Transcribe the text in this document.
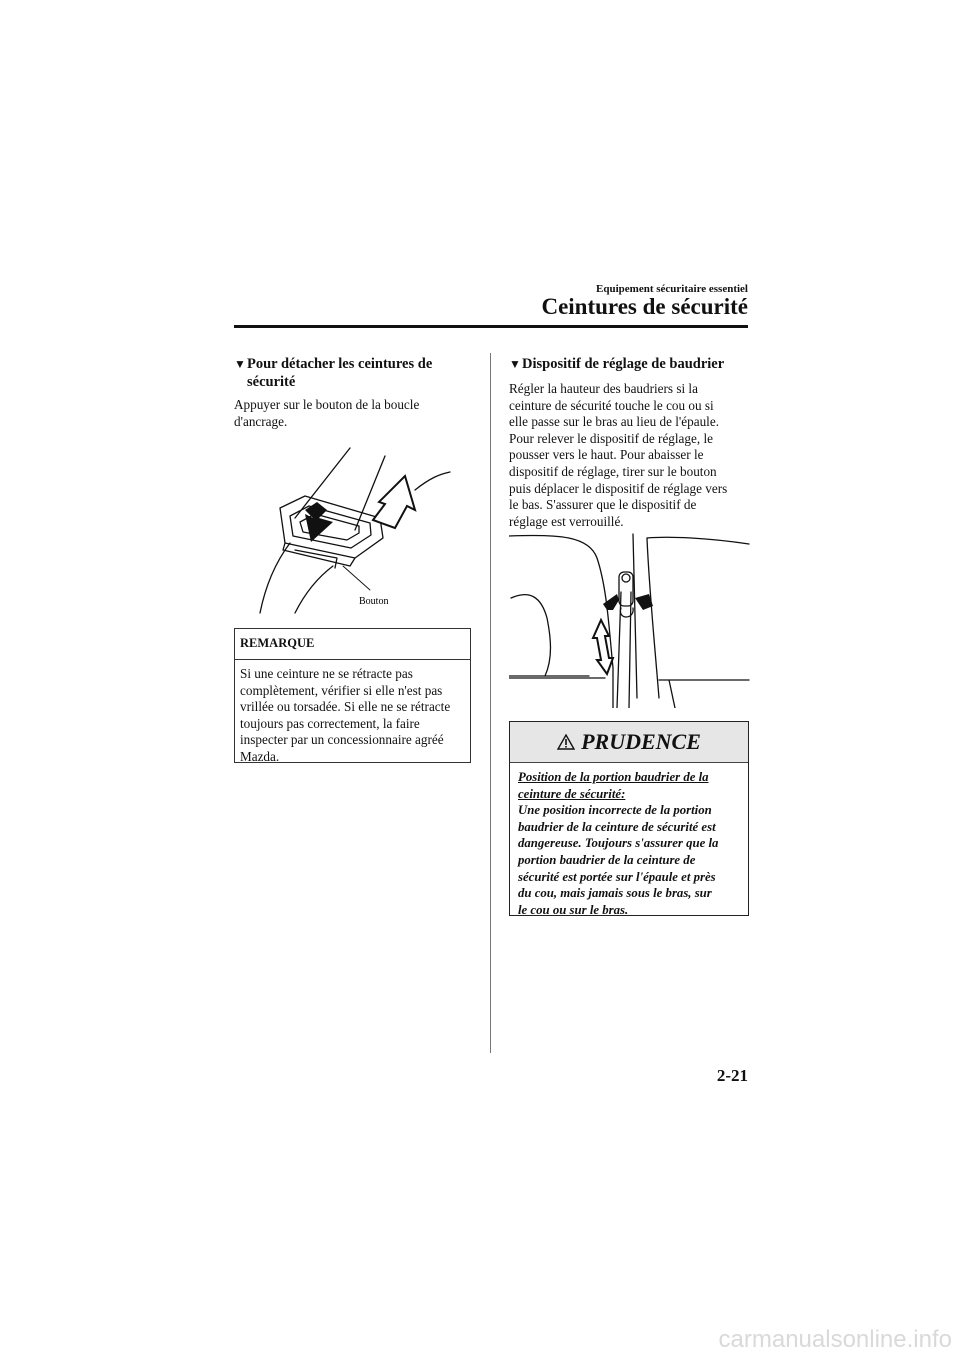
Equipement sécuritaire essentiel
Ceintures de sécurité
▼Pour détacher les ceintures de
sécurité
Appuyer sur le bouton de la boucle
d'ancrage.
Bouton
REMARQUE
Si une ceinture ne se rétracte pas
complètement, vérifier si elle n'est pas
vrillée ou torsadée. Si elle ne se rétracte
toujours pas correctement, la faire
inspecter par un concessionnaire agréé
Mazda.
▼Dispositif de réglage de baudrier
Régler la hauteur des baudriers si la
ceinture de sécurité touche le cou ou si
elle passe sur le bras au lieu de l'épaule.
Pour relever le dispositif de réglage, le
pousser vers le haut. Pour abaisser le
dispositif de réglage, tirer sur le bouton
puis déplacer le dispositif de réglage vers
le bas. S'assurer que le dispositif de
réglage est verrouillé.
PRUDENCE
Position de la portion baudrier de la
ceinture de sécurité:
Une position incorrecte de la portion
baudrier de la ceinture de sécurité est
dangereuse. Toujours s'assurer que la
portion baudrier de la ceinture de
sécurité est portée sur l'épaule et près
du cou, mais jamais sous le bras, sur
le cou ou sur le bras.
2-21
carmanualsonline.info
